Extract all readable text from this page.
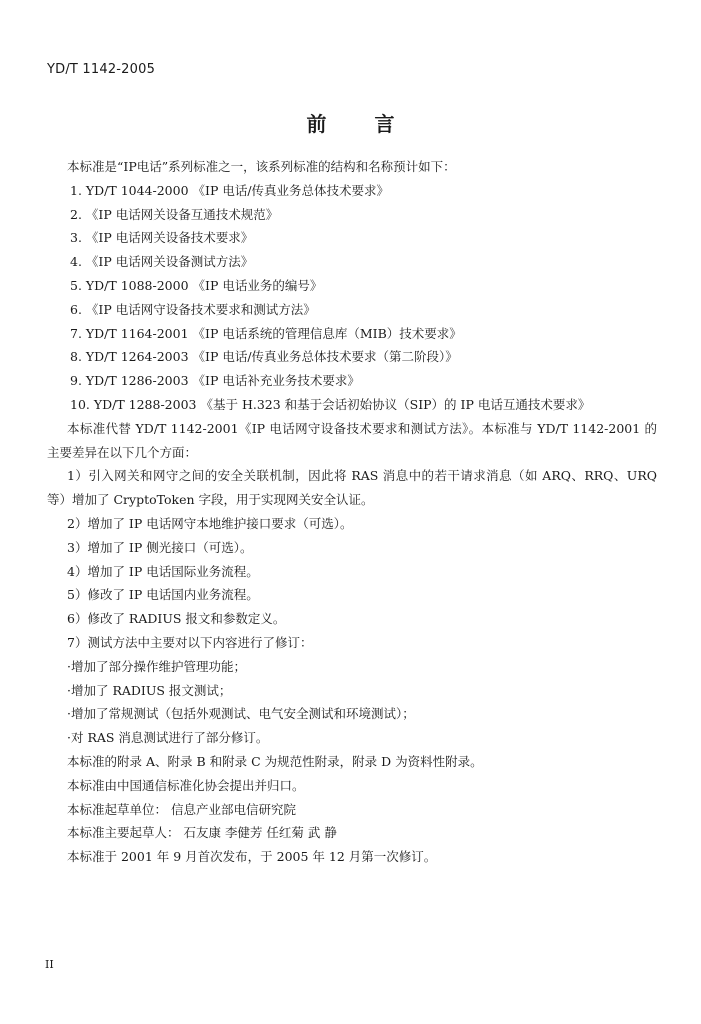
YD/T 1142-2005
前言

本标准是“IP电话”系列标准之一，该系列标准的结构和名称预计如下：

1. YD/T 1044-2000 《IP 电话/传真业务总体技术要求》

2. 《IP 电话网关设备互通技术规范》

3. 《IP 电话网关设备技术要求》

4. 《IP 电话网关设备测试方法》

5. YD/T 1088-2000 《IP 电话业务的编号》

6. 《IP 电话网守设备技术要求和测试方法》

7. YD/T 1164-2001 《IP 电话系统的管理信息库（MIB）技术要求》

8. YD/T 1264-2003 《IP 电话/传真业务总体技术要求（第二阶段）》

9. YD/T 1286-2003 《IP 电话补充业务技术要求》

10. YD/T 1288-2003 《基于 H.323 和基于会话初始协议（SIP）的 IP 电话互通技术要求》

本标准代替 YD/T 1142-2001《IP 电话网守设备技术要求和测试方法》。本标准与 YD/T 1142-2001 的主要差异在以下几个方面：

1）引入网关和网守之间的安全关联机制，因此将 RAS 消息中的若干请求消息（如 ARQ、RRQ、URQ 等）增加了 CryptoToken 字段，用于实现网关安全认证。

2）增加了 IP 电话网守本地维护接口要求（可选）。

3）增加了 IP 侧光接口（可选）。

4）增加了 IP 电话国际业务流程。

5）修改了 IP 电话国内业务流程。

6）修改了 RADIUS 报文和参数定义。

7）测试方法中主要对以下内容进行了修订：

·增加了部分操作维护管理功能；

·增加了 RADIUS 报文测试；

·增加了常规测试（包括外观测试、电气安全测试和环境测试）；

·对 RAS 消息测试进行了部分修订。

本标准的附录 A、附录 B 和附录 C 为规范性附录，附录 D 为资料性附录。

本标准由中国通信标准化协会提出并归口。

本标准起草单位： 信息产业部电信研究院

本标准主要起草人： 石友康 李健芳 任红菊 武 静

本标准于 2001 年 9 月首次发布，于 2005 年 12 月第一次修订。

II
